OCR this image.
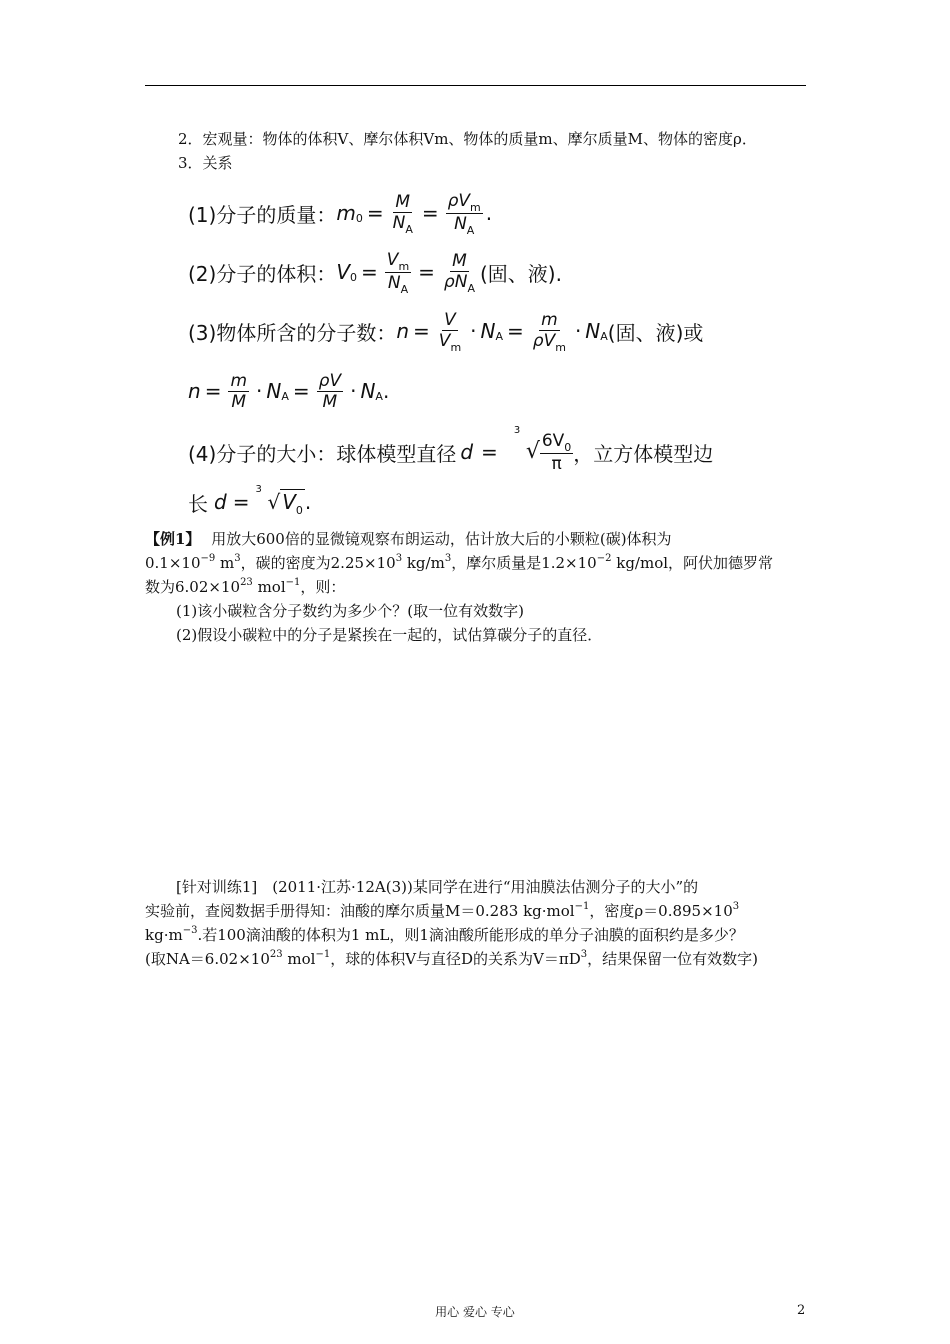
2．宏观量：物体的体积V、摩尔体积Vm、物体的质量m、摩尔质量M、物体的密度ρ．
3．关系
(1)分子的质量： m $0 = \frac{M}{N_A} = \frac{\rho V_m}{N_A}$ .
(2)分子的体积： V $0 = \frac{V_m}{N_A} = \frac{M}{\rho N_A}$ (固、液).
(3)物体所含的分子数： $n = \frac{V}{V_m} \cdot N$ $A = \frac{m}{\rho V_m} \cdot N$ A (固、液)或
$n = \frac{m}{M} \cdot N$ $A = \frac{\rho V}{M} \cdot N$ A .
(4)分子的大小：球体模型直径 d =
3
√ $\frac{6V_0}{\pi}$ ，立方体模型边
长 d =
3
√ $V_0$ .
【例1】 用放大600倍的显微镜观察布朗运动，估计放大后的小颗粒(碳)体积为
$0.1\times 10^{-9}$ $m^3$，碳的密度为$2.25\times 10^3$ $kg/m^3$，摩尔质量是$1.2\times 10^{-2}$ kg/mol，阿伏加德罗常
数为$6.02\times 10^{23}$ mol$^{-1}$，则：
(1)该小碳粒含分子数约为多少个？(取一位有效数字)
(2)假设小碳粒中的分子是紧挨在一起的，试估算碳分子的直径．
[针对训练1]　(2011·江苏·12A(3))某同学在进行“用油膜法估测分子的大小”的
实验前，查阅数据手册得知：油酸的摩尔质量M＝0.283 kg·mol$^{-1}$，密度$\rho=0.895\times 10^3$
$kg\cdot m^{-3}$.若100滴油酸的体积为1 mL，则1滴油酸所能形成的单分子油膜的面积约是多少？
(取$NA=6.02\times 10^{23}$ mol$^{-1}$，球的体积V与直径D的关系为$V=\pi D^3$，结果保留一位有效数字)
用心 爱心 专心	2
